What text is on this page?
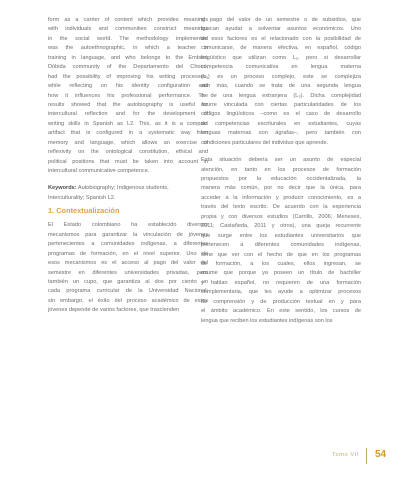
form as a carrier of content which provides meanings
with individuals and communities construct meanings
in the social world. The methodology implemented
was the autoethnographic, in which a teacher in
training in language, and who belongs to the Emberá
Dóbida community of the Departamento del Chocó,
had the possibility of improving his writing processes,
while reflecting on his identity configuration and
how it influences his professional performance. The
results showed that the autobiography is useful for
intercultural reflection and for the development of
writing skills in Spanish as L2. This, as it is a compact
artifact that is configured in a systematic way from
memory and language, which allows an exercise of
reflexivity on the ontological constitution, ethical and
political positions that must be taken into account in
intercultural communicative competence.
Keywords: Autobiography; Indigenous students,
Interculturality; Spanish L2.
1. Contextualización
El Estado colombiano ha establecido diversos
mecanismos para garantizar la vinculación de jóvenes
pertenecientes a comunidades indígenas, a diferentes
programas de formación, en el nivel superior. Uno de
esos mecanismos es el acceso al pago del valor del
semestre en diferentes universidades privadas, pero
también un cupo, que garantiza al dos por ciento un
cada programa curricular de la Universidad Nacional;
sin embargo, el éxito del proceso académico de estos
jóvenes depende de varios factores, que trascienden
el pago del valor de un semestre o de subsidios, que
buscan ayudar a solventar asuntos económicos. Uno
de esos factores es el relacionado con la posibilidad de
comunicarse, de manera efectiva, en español, código
lingüístico que utilizan como L₂, pero si desarrollar
competencia comunicativa en lengua materna
(L₁) es un proceso complejo, este se complejiza
aún más, cuando se trata de una segunda lengua
o de una lengua extranjera (L₃). Dicha complejidad
ocurre vinculada con ciertas particularidades de los
códigos lingüísticos –como es el caso de desarrollo
de competencias escriturales en estudiantes, cuyas
lenguas maternas son ágrafas–, pero también con
condiciones particulares del individuo que aprende.
Esta situación debería ser un asunto de especial
atención, en tanto en los procesos de formación
propuestos por la educación occidentalizada, la
manera más común, por no decir que la única, para
acceder a la información y producir conocimiento, es a
través del texto escrito. De acuerdo con la experiencia
propia y con diversos estudios (Carrillo, 2006; Meneses,
2011; Castañeda, 2011 y otros), una queja recurrente
que surge entre los estudiantes universitarios que
pertenecen a diferentes comunidades indígenas,
tiene que ver con el hecho de que en los programas
de formación, a los cuales, ellos ingresan, se
asume que porque ya poseen un título de bachiller
y hablan español, no requieren de una formación
complementaria, que les ayude a optimizar procesos
de comprensión y de producción textual en y para
el ámbito académico. En este sentido, los cursos de
lengua que reciben los estudiantes indígenas son los
Tomo VII 54
